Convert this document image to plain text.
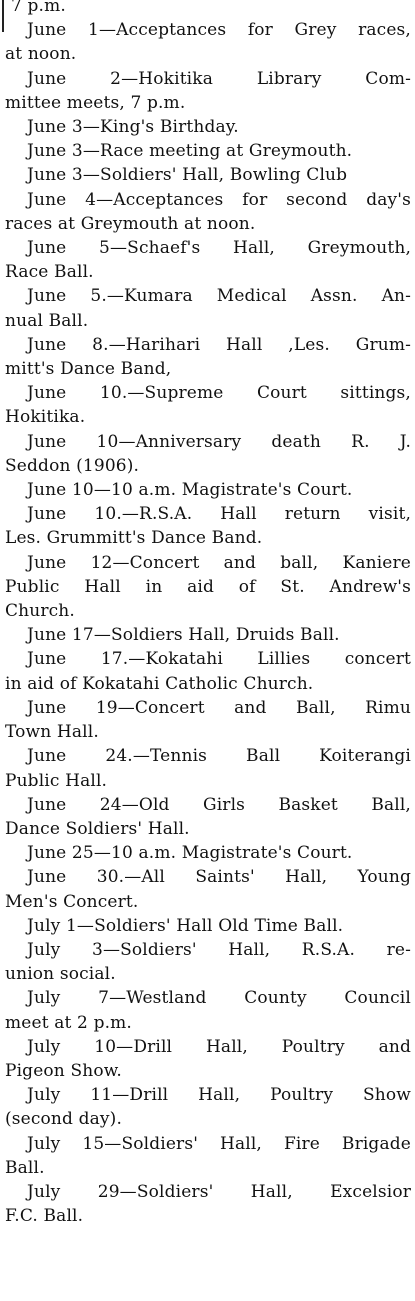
7 p.m.

June 1—Acceptances for Grey races,
at noon.

June 2—Hokitika Library Com-
mittee meets, 7 p.m.

June 3—King's Birthday.

June 3—Race meeting at Greymouth.

June 3—Soldiers' Hall, Bowling Club

June 4—Acceptances for second day's
races at Greymouth at noon.

June 5—Schaef's Hall, Greymouth,
Race Ball.

June 5.—Kumara Medical Assn. An-
nual Ball.

June 8.—Harihari Hall ,Les. Grum-
mitt's Dance Band,

June 10.—Supreme Court sittings,
Hokitika.

June 10—Anniversary death R. J.
Seddon (1906).

June 10—10 a.m. Magistrate's Court.

June 10.—R.S.A. Hall return visit,
Les. Grummitt's Dance Band.

June 12—Concert and ball, Kaniere
Public Hall in aid of St. Andrew's
Church.

June 17—Soldiers Hall, Druids Ball.

June 17.—Kokatahi Lillies concert
in aid of Kokatahi Catholic Church.

June 19—Concert and Ball, Rimu
Town Hall.

June 24.—Tennis Ball Koiterangi
Public Hall.

June 24—Old Girls Basket Ball,
Dance Soldiers' Hall.

June 25—10 a.m. Magistrate's Court.

June 30.—All Saints' Hall, Young
Men's Concert.

July 1—Soldiers' Hall Old Time Ball.

July 3—Soldiers' Hall, R.S.A. re-
union social.

July 7—Westland County Council
meet at 2 p.m.

July 10—Drill Hall, Poultry and
Pigeon Show.

July 11—Drill Hall, Poultry Show
(second day).

July 15—Soldiers' Hall, Fire Brigade
Ball.

July 29—Soldiers' Hall, Excelsior
F.C. Ball.
